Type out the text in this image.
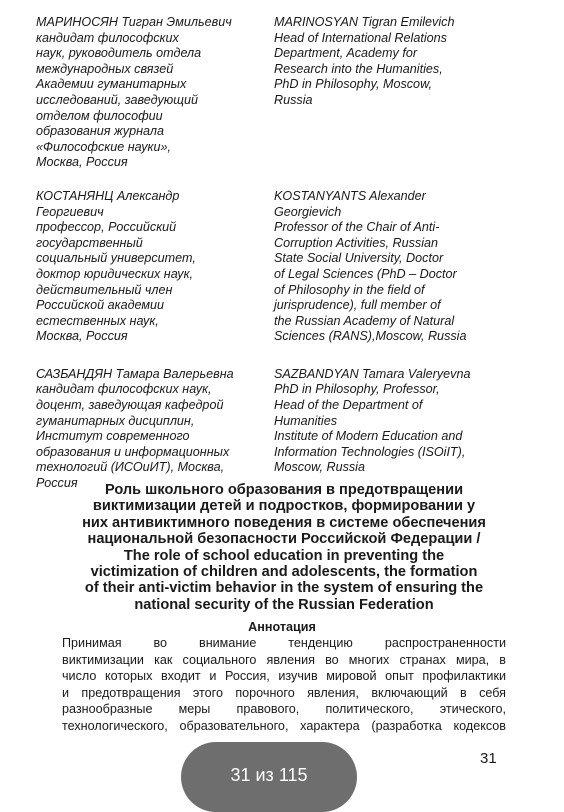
МАРИНОСЯН Тигран Эмильевич
кандидат философских
наук, руководитель отдела
международных связей
Академии гуманитарных
исследований, заведующий
отделом философии
образования журнала
«Философские науки»,
Москва, Россия
MARINOSYAN Tigran Emilevich
Head of International Relations
Department, Academy for
Research into the Humanities,
PhD in Philosophy, Moscow,
Russia
КОСТАНЯНЦ Александр
Георгиевич
профессор, Российский
государственный
социальный университет,
доктор юридических наук,
действительный член
Российской академии
естественных наук,
Москва, Россия
KOSTANYANTS Alexander
Georgievich
Professor of the Chair of Anti-
Corruption Activities, Russian
State Social University, Doctor
of Legal Sciences (PhD – Doctor
of Philosophy in the field of
jurisprudence), full member of
the Russian Academy of Natural
Sciences (RANS),Moscow, Russia
САЗБАНДЯН Тамара Валерьевна
кандидат философских наук,
доцент, заведующая кафедрой
гуманитарных дисциплин,
Институт современного
образования и информационных
технологий (ИСОиИТ), Москва,
Россия
SAZBANDYAN Tamara Valeryevna
PhD in Philosophy, Professor,
Head of the Department of
Humanities
Institute of Modern Education and
Information Technologies (ISOiIT),
Moscow, Russia
Роль школьного образования в предотвращении
виктимизации детей и подростков, формировании у
них антивиктимного поведения в системе обеспечения
национальной безопасности Российской Федерации /
The role of school education in preventing the
victimization of children and adolescents, the formation
of their anti-victim behavior in the system of ensuring the
national security of the Russian Federation
Аннотация
Принимая во внимание тенденцию распространенности
виктимизации как социального явления во многих странах мира, в
число которых входит и Россия, изучив мировой опыт профилактики
и предотвращения этого порочного явления, включающий в себя
разнообразные меры правового, политического, этического,
технологического, образовательного, характера (разработка кодексов
31
31 из 115
